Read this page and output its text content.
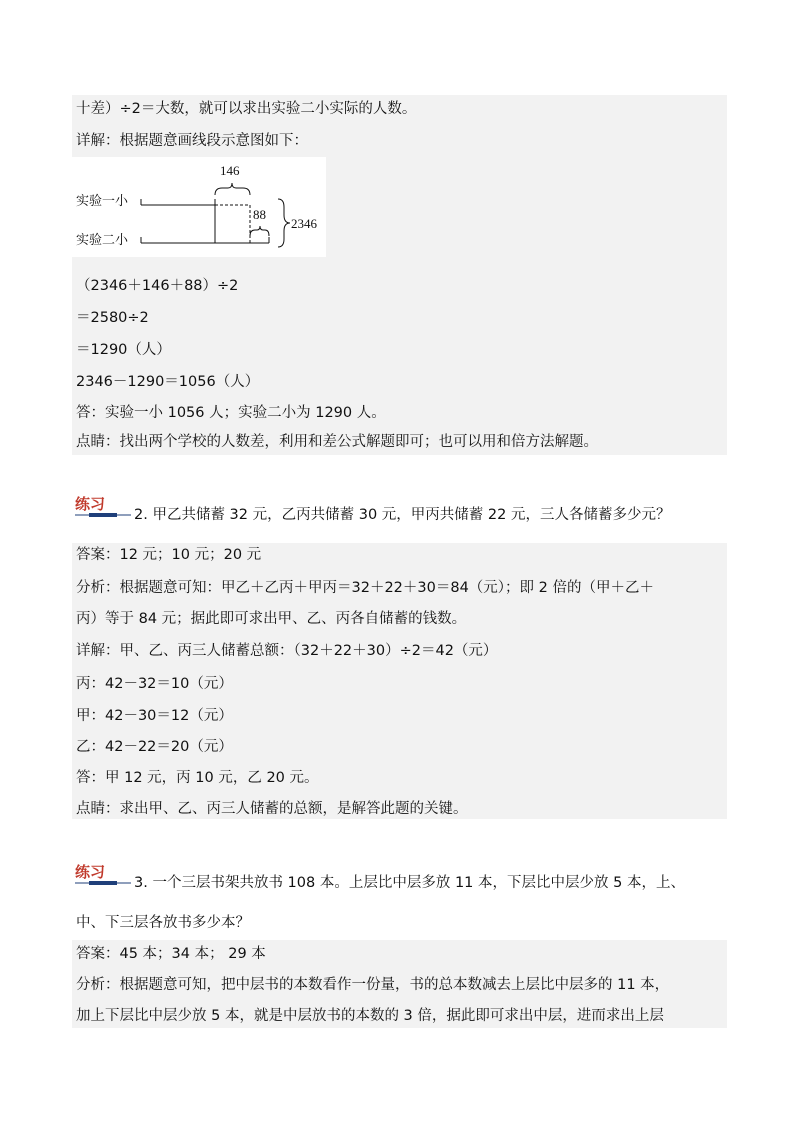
十差）÷2＝大数，就可以求出实验二小实际的人数。
详解：根据题意画线段示意图如下：
实验一小
实验二小
146
88
2346
（2346＋146＋88）÷2
＝2580÷2
＝1290（人）
2346－1290＝1056（人）
答：实验一小 1056 人；实验二小为 1290 人。
点睛：找出两个学校的人数差，利用和差公式解题即可；也可以用和倍方法解题。
练习
2. 甲乙共储蓄 32 元，乙丙共储蓄 30 元，甲丙共储蓄 22 元，三人各储蓄多少元？
答案：12 元；10 元；20 元
分析：根据题意可知：甲乙＋乙丙＋甲丙＝32＋22＋30＝84（元）；即 2 倍的（甲＋乙＋
丙）等于 84 元；据此即可求出甲、乙、丙各自储蓄的钱数。
详解：甲、乙、丙三人储蓄总额：（32＋22＋30）÷2＝42（元）
丙：42－32＝10（元）
甲：42－30＝12（元）
乙：42－22＝20（元）
答：甲 12 元，丙 10 元，乙 20 元。
点睛：求出甲、乙、丙三人储蓄的总额，是解答此题的关键。
练习
3. 一个三层书架共放书 108 本。上层比中层多放 11 本，下层比中层少放 5 本，上、
中、下三层各放书多少本？
答案：45 本；34 本； 29 本
分析：根据题意可知，把中层书的本数看作一份量，书的总本数减去上层比中层多的 11 本，
加上下层比中层少放 5 本，就是中层放书的本数的 3 倍，据此即可求出中层，进而求出上层
